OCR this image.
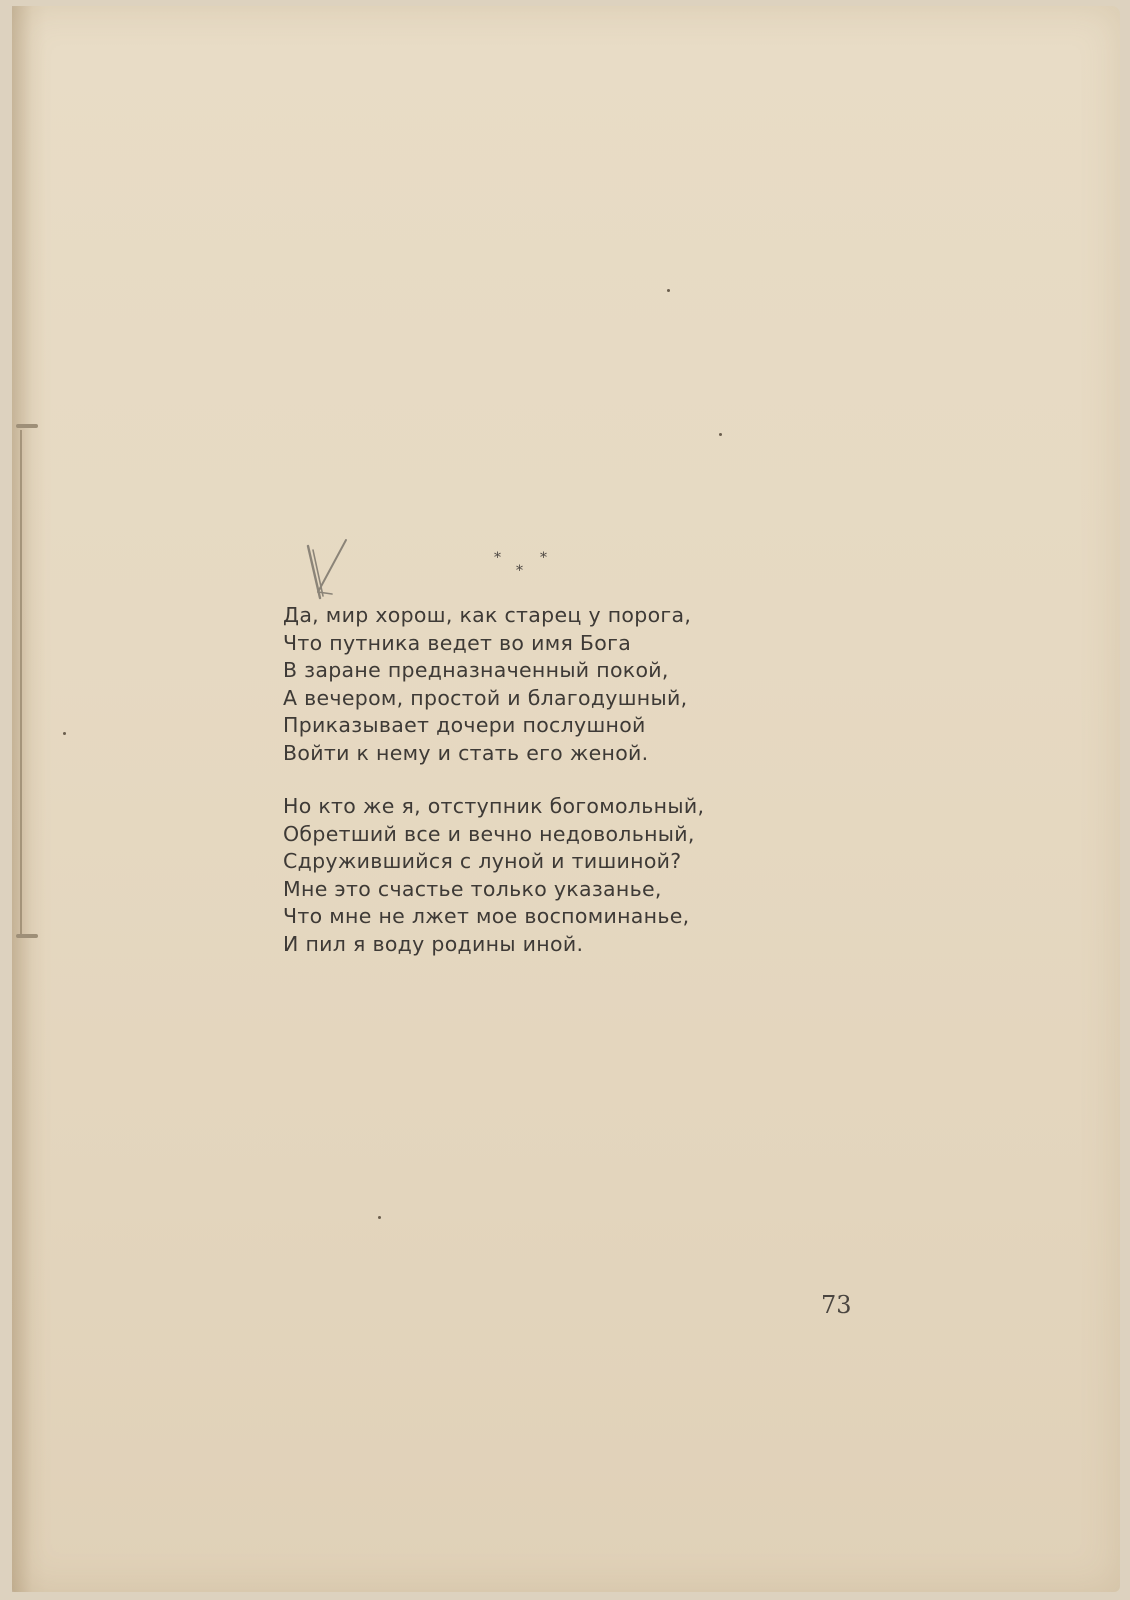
*
*
*

Да, мир хорош, как старец у порога,
Что путника ведет во имя Бога
В заране предназначенный покой,
А вечером, простой и благодушный,
Приказывает дочери послушной
Войти к нему и стать его женой.

Но кто же я, отступник богомольный,
Обретший все и вечно недовольный,
Сдружившийся с луной и тишиной?
Мне это счастье только указанье,
Что мне не лжет мое воспоминанье,
И пил я воду родины иной.

73
